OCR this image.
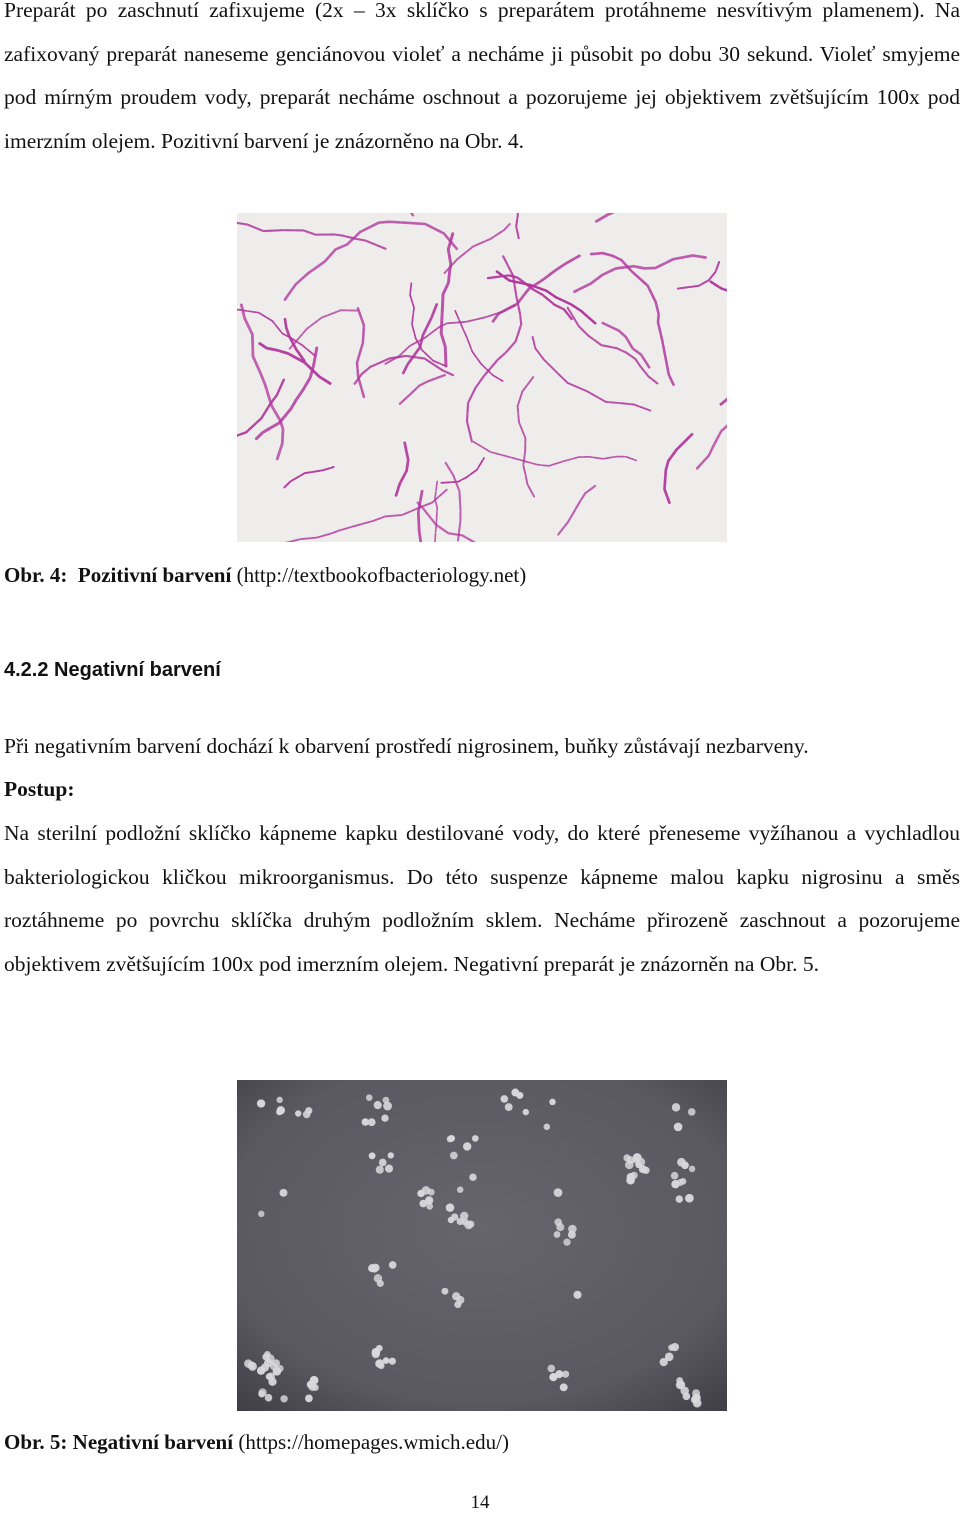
Preparát po zaschnutí zafixujeme (2x – 3x sklíčko s preparátem protáhneme nesvítivým plamenem). Na zafixovaný preparát naneseme genciánovou violeť a necháme ji působit po dobu 30 sekund. Violeť smyjeme pod mírným proudem vody, preparát necháme oschnout a pozorujeme jej objektivem zvětšujícím 100x pod imerzním olejem. Pozitivní barvení je znázorněno na Obr. 4.

Obr. 4: Pozitivní barvení (http://textbookofbacteriology.net)

4.2.2 Negativní barvení

Při negativním barvení dochází k obarvení prostředí nigrosinem, buňky zůstávají nezbarveny.

Postup:

Na sterilní podložní sklíčko kápneme kapku destilované vody, do které přeneseme vyžíhanou a vychladlou bakteriologickou kličkou mikroorganismus. Do této suspenze kápneme malou kapku nigrosinu a směs roztáhneme po povrchu sklíčka druhým podložním sklem. Necháme přirozeně zaschnout a pozorujeme objektivem zvětšujícím 100x pod imerzním olejem. Negativní preparát je znázorněn na Obr. 5.

Obr. 5: Negativní barvení (https://homepages.wmich.edu/)

14
